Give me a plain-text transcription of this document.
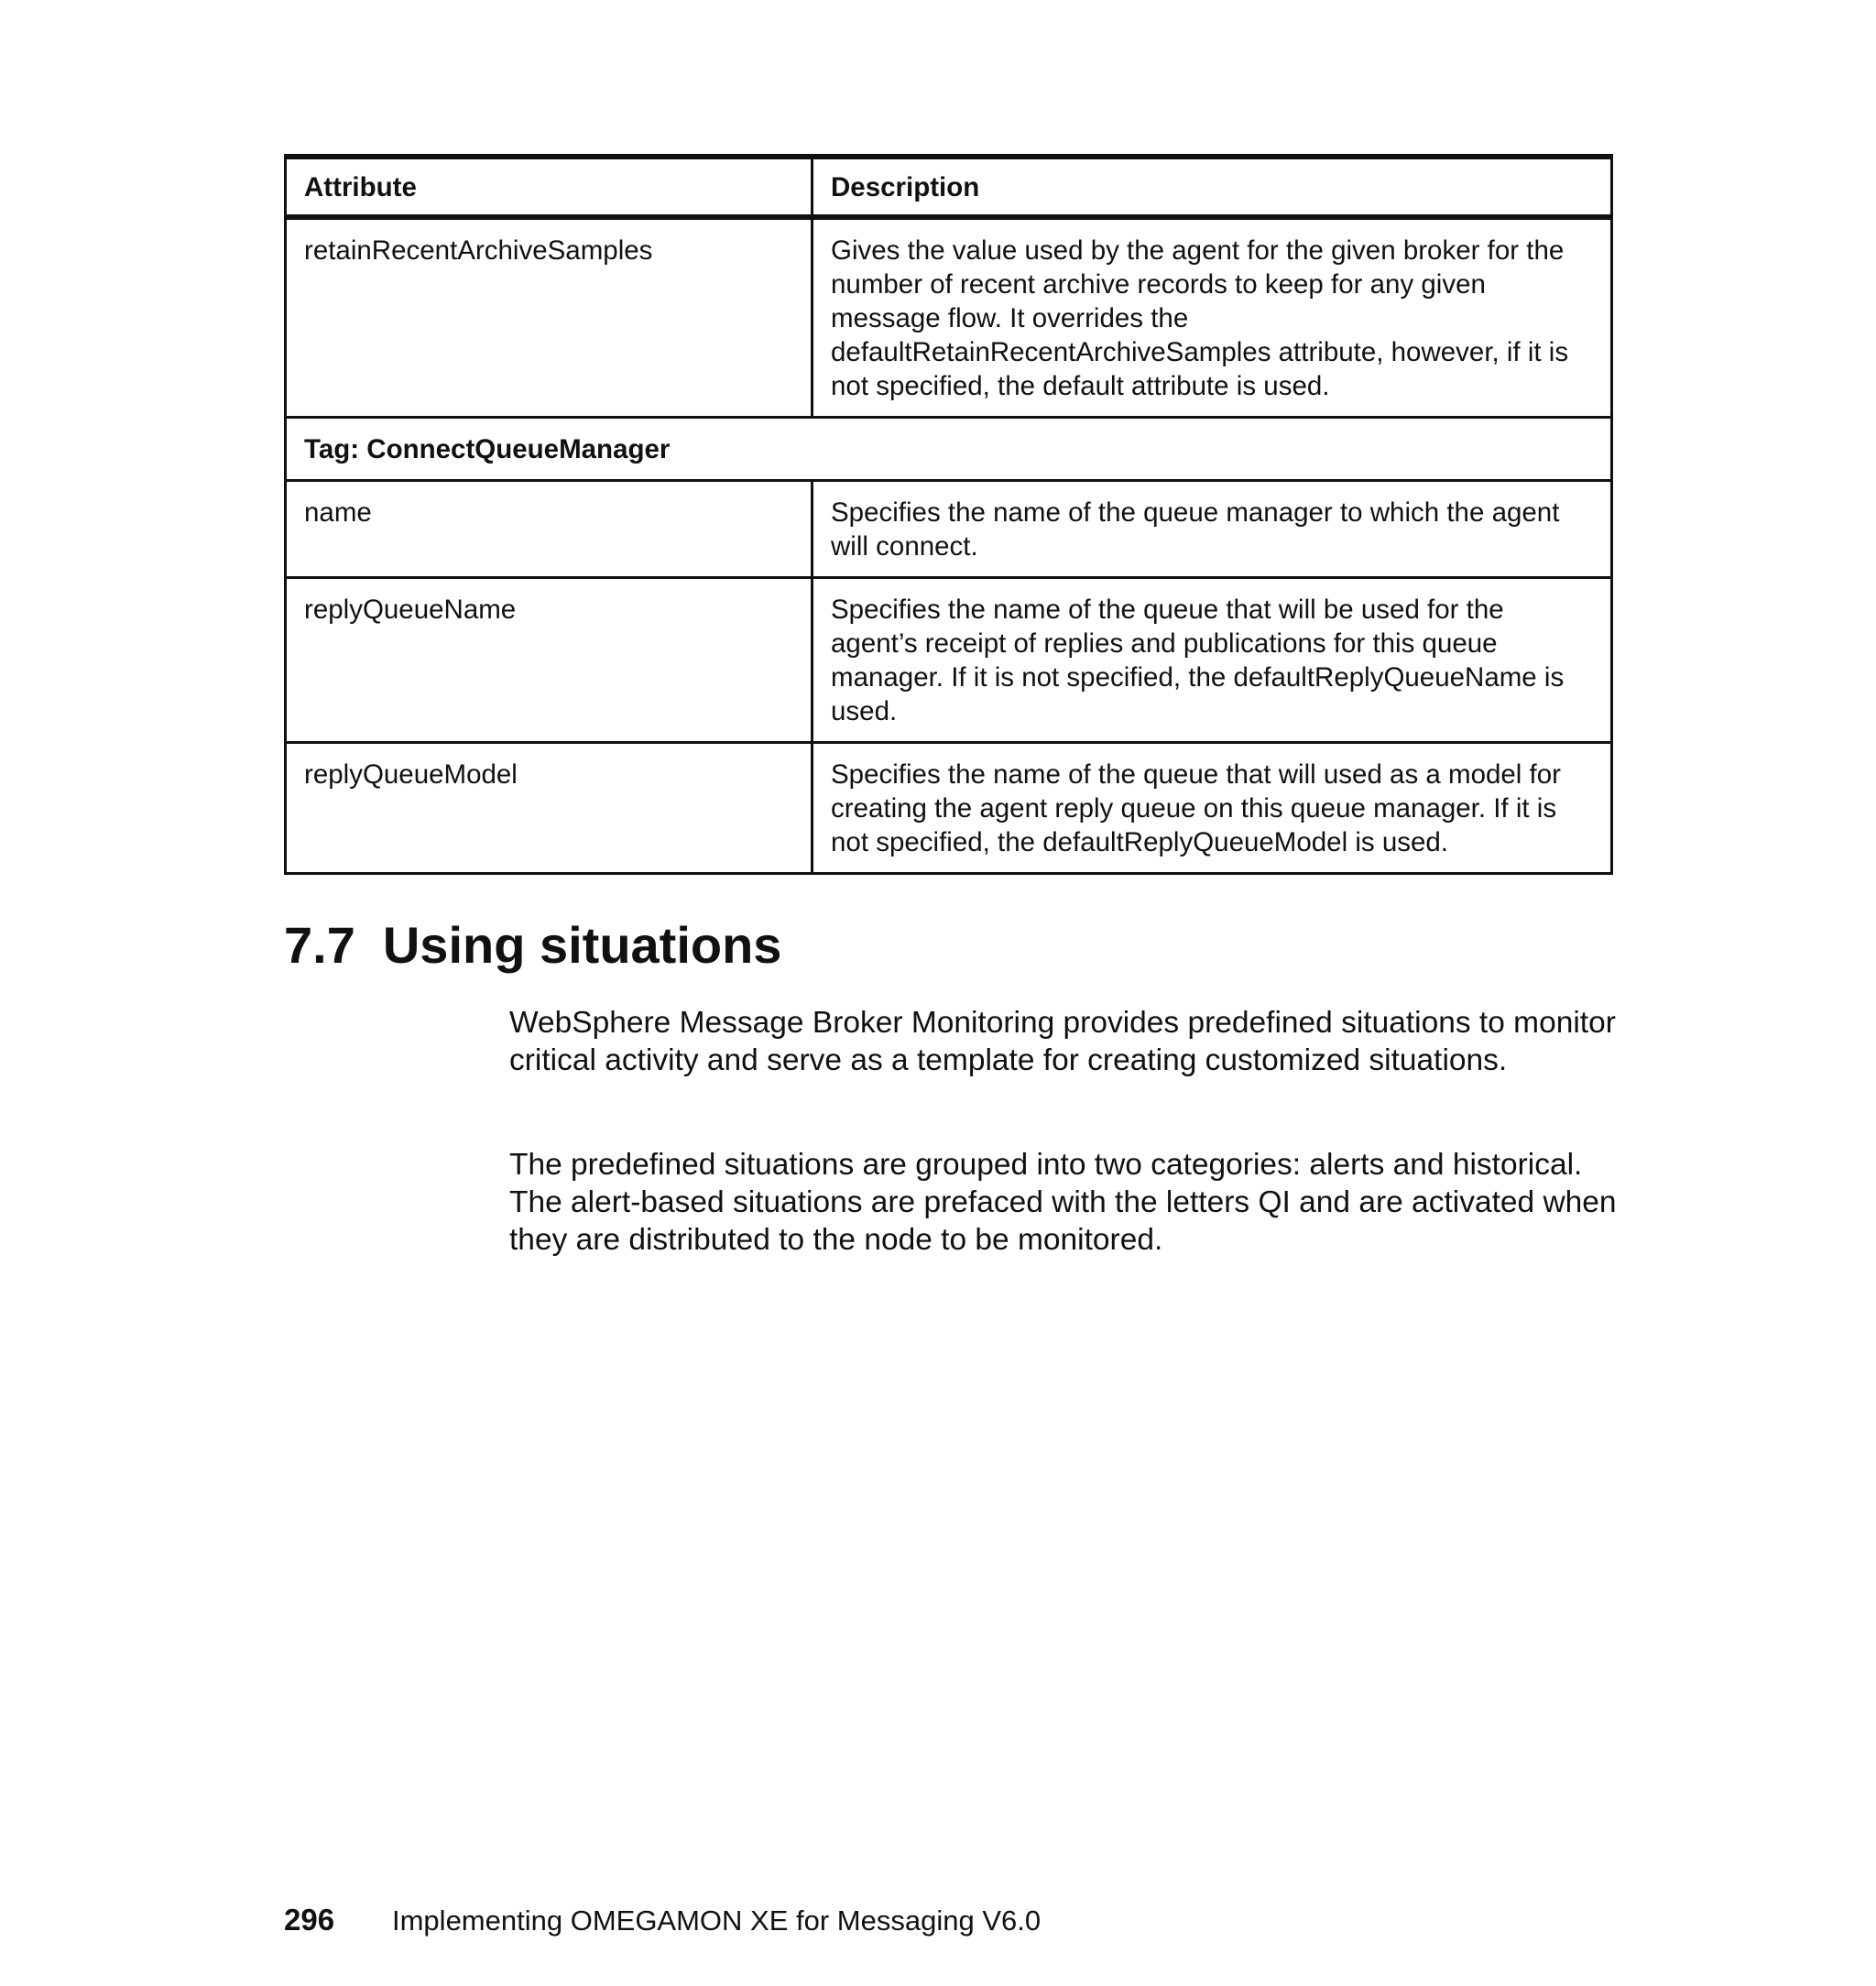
Attribute	Description
retainRecentArchiveSamples	Gives the value used by the agent for the given broker for the number of recent archive records to keep for any given message flow. It overrides the defaultRetainRecentArchiveSamples attribute, however, if it is not specified, the default attribute is used.
Tag: ConnectQueueManager	
name	Specifies the name of the queue manager to which the agent will connect.
replyQueueName	Specifies the name of the queue that will be used for the agent’s receipt of replies and publications for this queue manager. If it is not specified, the defaultReplyQueueName is used.
replyQueueModel	Specifies the name of the queue that will used as a model for creating the agent reply queue on this queue manager. If it is not specified, the defaultReplyQueueModel is used.
7.7 Using situations

WebSphere Message Broker Monitoring provides predefined situations to monitor critical activity and serve as a template for creating customized situations.

The predefined situations are grouped into two categories: alerts and historical. The alert-based situations are prefaced with the letters QI and are activated when they are distributed to the node to be monitored.

296 Implementing OMEGAMON XE for Messaging V6.0
